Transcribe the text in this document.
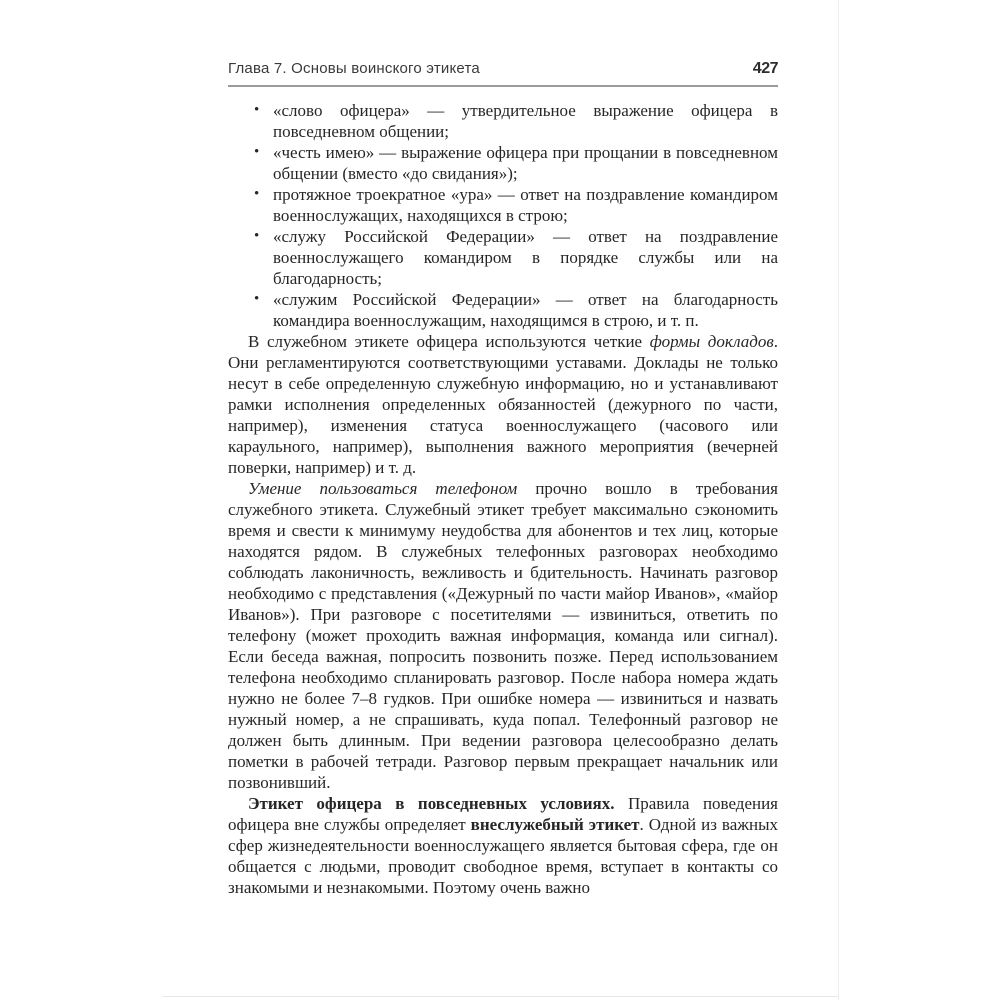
Глава 7. Основы воинского этикета	427
• «слово офицера» — утвердительное выражение офицера в повседневном общении;
• «честь имею» — выражение офицера при прощании в повседневном общении (вместо «до свидания»);
• протяжное троекратное «ура» — ответ на поздравление командиром военнослужащих, находящихся в строю;
• «служу Российской Федерации» — ответ на поздравление военнослужащего командиром в порядке службы или на благодарность;
• «служим Российской Федерации» — ответ на благодарность командира военнослужащим, находящимся в строю, и т. п.

В служебном этикете офицера используются четкие формы докладов. Они регламентируются соответствующими уставами. Доклады не только несут в себе определенную служебную информацию, но и устанавливают рамки исполнения определенных обязанностей (дежурного по части, например), изменения статуса военнослужащего (часового или караульного, например), выполнения важного мероприятия (вечерней поверки, например) и т. д.

Умение пользоваться телефоном прочно вошло в требования служебного этикета. Служебный этикет требует максимально сэкономить время и свести к минимуму неудобства для абонентов и тех лиц, которые находятся рядом. В служебных телефонных разговорах необходимо соблюдать лаконичность, вежливость и бдительность. Начинать разговор необходимо с представления («Дежурный по части майор Иванов», «майор Иванов»). При разговоре с посетителями — извиниться, ответить по телефону (может проходить важная информация, команда или сигнал). Если беседа важная, попросить позвонить позже. Перед использованием телефона необходимо спланировать разговор. После набора номера ждать нужно не более 7–8 гудков. При ошибке номера — извиниться и назвать нужный номер, а не спрашивать, куда попал. Телефонный разговор не должен быть длинным. При ведении разговора целесообразно делать пометки в рабочей тетради. Разговор первым прекращает начальник или позвонивший.

Этикет офицера в повседневных условиях. Правила поведения офицера вне службы определяет внеслужебный этикет. Одной из важных сфер жизнедеятельности военнослужащего является бытовая сфера, где он общается с людьми, проводит свободное время, вступает в контакты со знакомыми и незнакомыми. Поэтому очень важно
